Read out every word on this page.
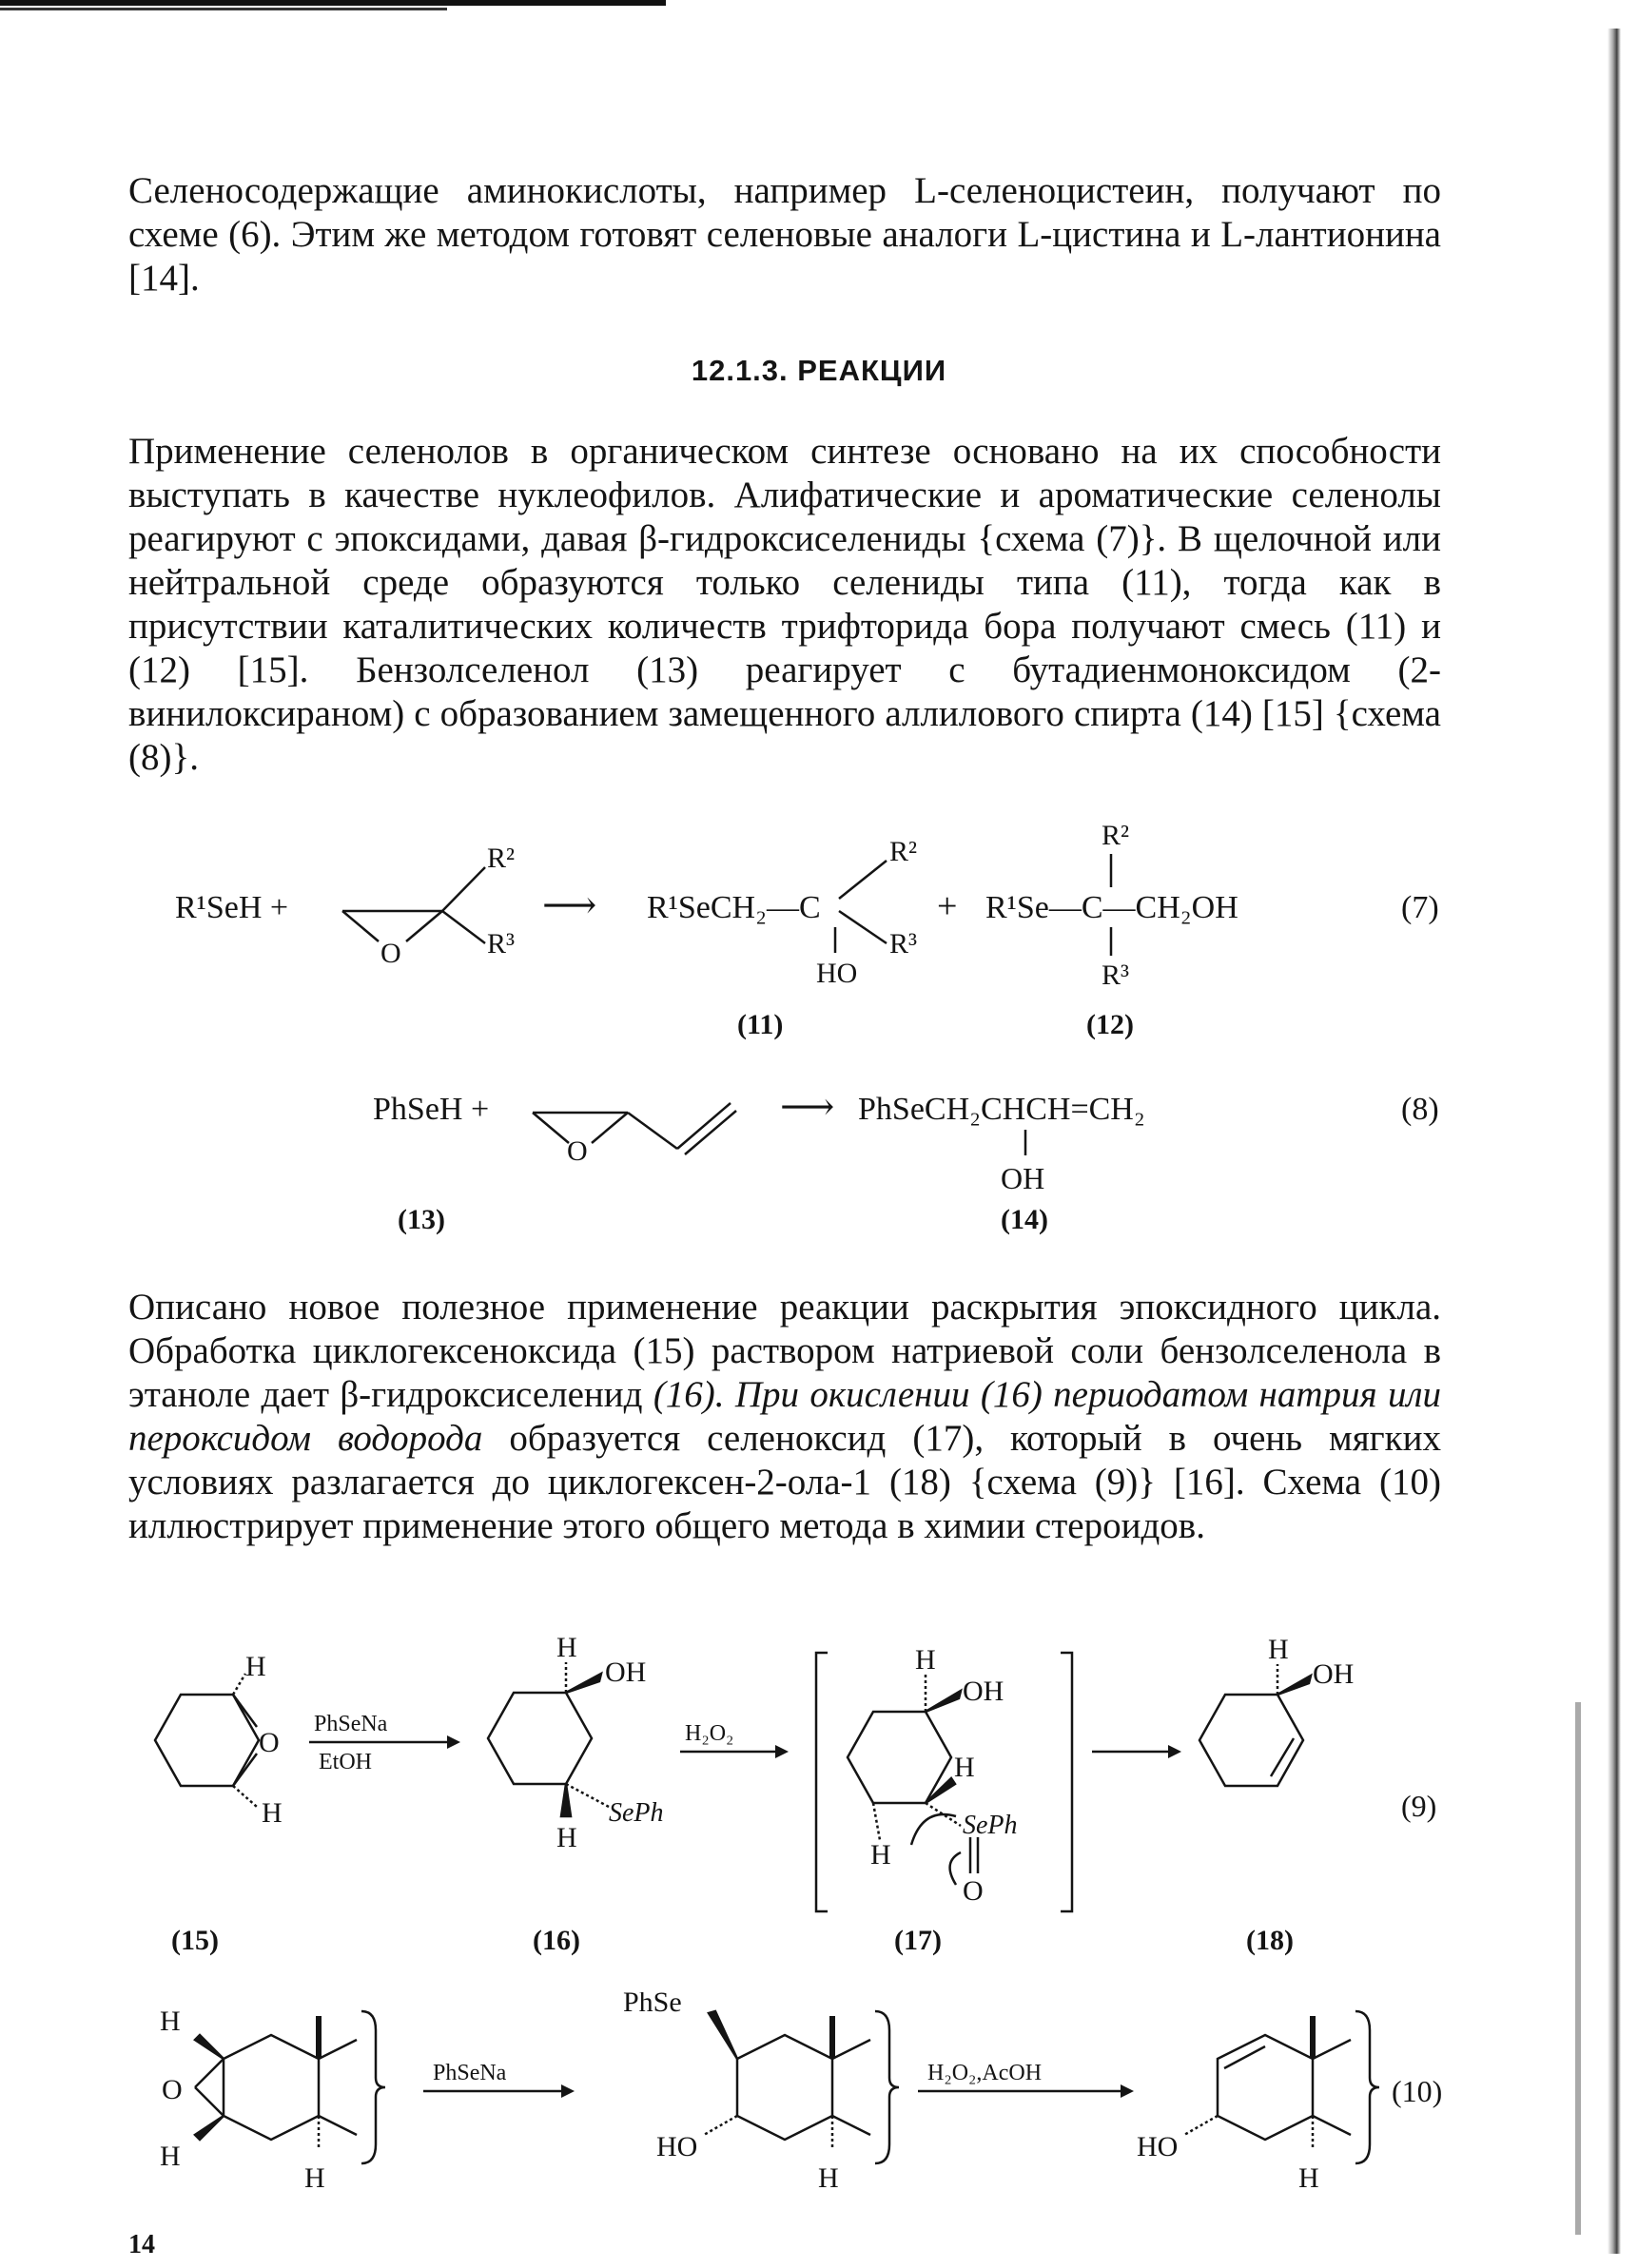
Селеносодержащие аминокислоты, например L-селеноцистеин, получают по схеме (6). Этим же методом готовят селеновые аналоги L-цистина и L-лантионина [14].

12.1.3. РЕАКЦИИ

Применение селенолов в органическом синтезе основано на их способности выступать в качестве нуклеофилов. Алифатические и ароматические селенолы реагируют с эпоксидами, давая β-гидроксиселениды {схема (7)}. В щелочной или нейтральной среде образуются только селениды типа (11), тогда как в присутствии каталитических количеств трифторида бора получают смесь (11) и (12) [15]. Бензолселенол (13) реагирует с бутадиенмоноксидом (2-винилоксираном) с образованием замещенного аллилового спирта (14) [15] {схема (8)}.

R¹SeH +
O
R²
R³
⟶ R¹SeCH₂—C
R²
R³
HO
+ R¹Se—C—CH₂OH
R²
R³
(7)
(11)	(12)
PhSeH +
O
⟶ PhSeCH₂CHCH=CH₂
OH
(8)
(13)	(14)

Описано новое полезное применение реакции раскрытия эпоксидного цикла. Обработка циклогексеноксида (15) раствором натриевой соли бензолселенола в этаноле дает β-гидроксиселенид (16). При окислении (16) периодатом натрия или пероксидом водорода образуется селеноксид (17), который в очень мягких условиях разлагается до циклогексен-2-ола-1 (18) {схема (9)} [16]. Схема (10) иллюстрирует применение этого общего метода в химии стероидов.

H
O
H
PhSeNa
EtOH
H
OH
SePh
H
H₂O₂
H
OH
H
SePh
H
O
H
OH
(9)
(15)	(16)	(17)	(18)
H
O
H
H
PhSeNa
PhSe
HO
H
H₂O₂,AcOH
HO
H
(10)
14
